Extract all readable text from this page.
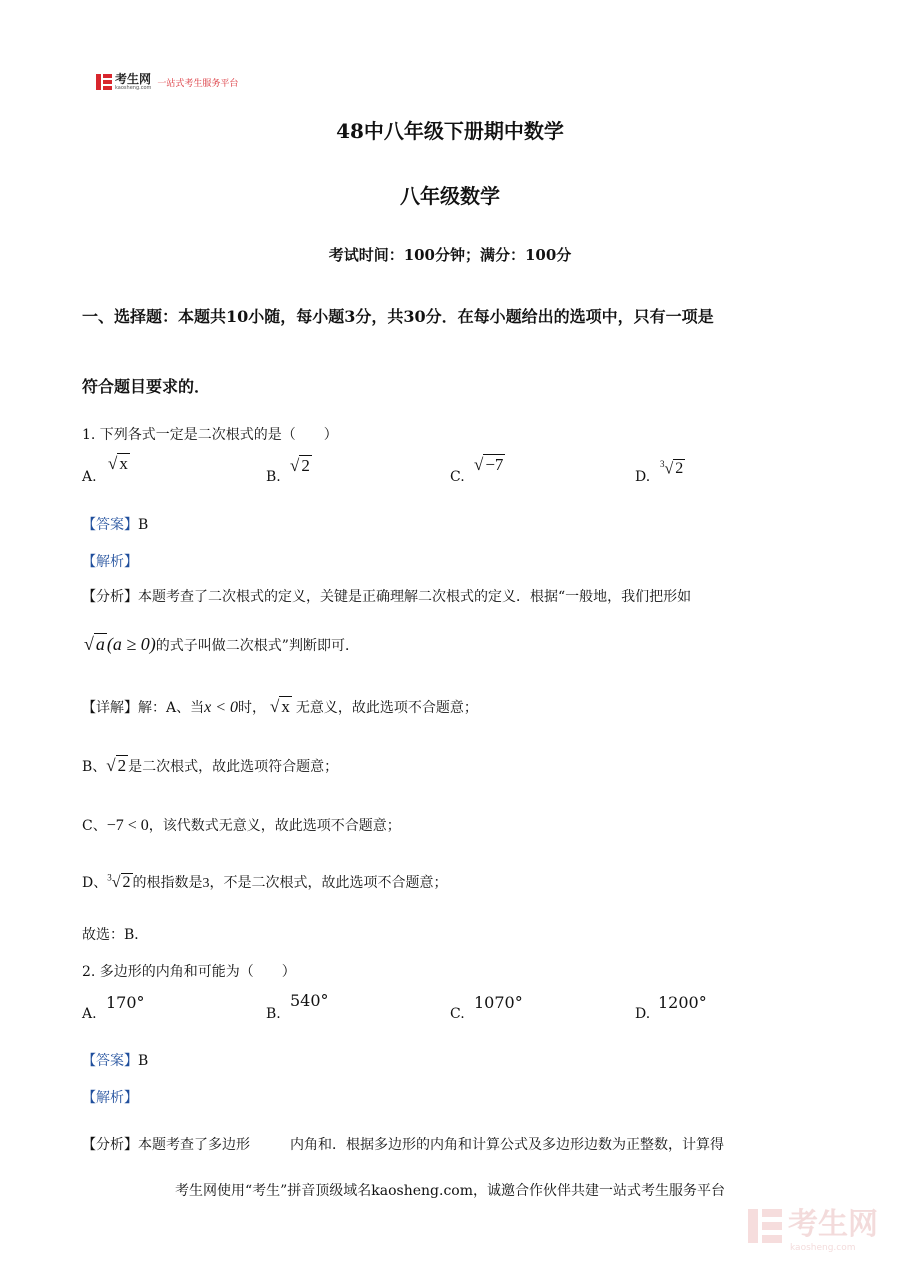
考生网
kaosheng.com 一站式考生服务平台
48中八年级下册期中数学
八年级数学
考试时间：100分钟；满分：100分
一、选择题：本题共10小随，每小题3分，共30分．在每小题给出的选项中，只有一项是
符合题目要求的．
1. 下列各式一定是二次根式的是（　　）
A.
√ x
B.
√ 2
C.
√ −7
D.
$^3$√ 2
【答案】B
【解析】
【分析】本题考查了二次根式的定义，关键是正确理解二次根式的定义．根据“一般地，我们把形如
√ a (a ≥ 0)的式子叫做二次根式”判断即可．
【详解】解：A、当x < 0时， √ x 无意义，故此选项不合题意；
B、√ 2 是二次根式，故此选项符合题意；
C、−7 < 0，该代数式无意义，故此选项不合题意；
D、$^3$√ 2 的根指数是3，不是二次根式，故此选项不合题意；
故选：B．
2. 多边形的内角和可能为（　　）
A.
170°
B.
540°
C.
1070°
D.
1200°
【答案】B
【解析】
【分析】本题考查了多边形	内角和．根据多边形的内角和计算公式及多边形边数为正整数，计算得
考生网使用“考生”拼音顶级域名kaosheng.com，诚邀合作伙伴共建一站式考生服务平台
考生网
kaosheng.com
